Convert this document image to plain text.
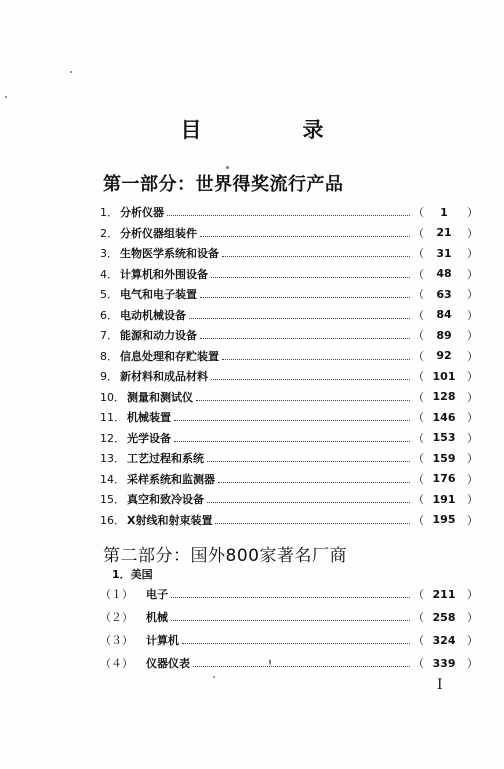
目　录
第一部分：世界得奖流行产品
1． 分析仪器	（	1	）
2． 分析仪器组装件	（	21	）
3． 生物医学系统和设备	（	31	）
4． 计算机和外围设备	（	48	）
5． 电气和电子装置	（	63	）
6． 电动机械设备	（	84	）
7． 能源和动力设备	（	89	）
8． 信息处理和存贮装置	（	92	）
9． 新材料和成品材料	（ 101	）
10． 测量和测试仪	（ 128	）
11． 机械装置	（ 146	）
12． 光学设备	（ 153	）
13． 工艺过程和系统	（ 159	）
14． 采样系统和监测器	（ 176	）
15． 真空和致冷设备	（ 191	）
16． X射线和射束装置	（ 195	）
第二部分：国外800家著名厂商
1．美国
（１）	电子	（ 211	）
（２）	机械	（ 258	）
（３）	计算机	（ 324	）
（４）	仪器仪表	（ 339	）
I
